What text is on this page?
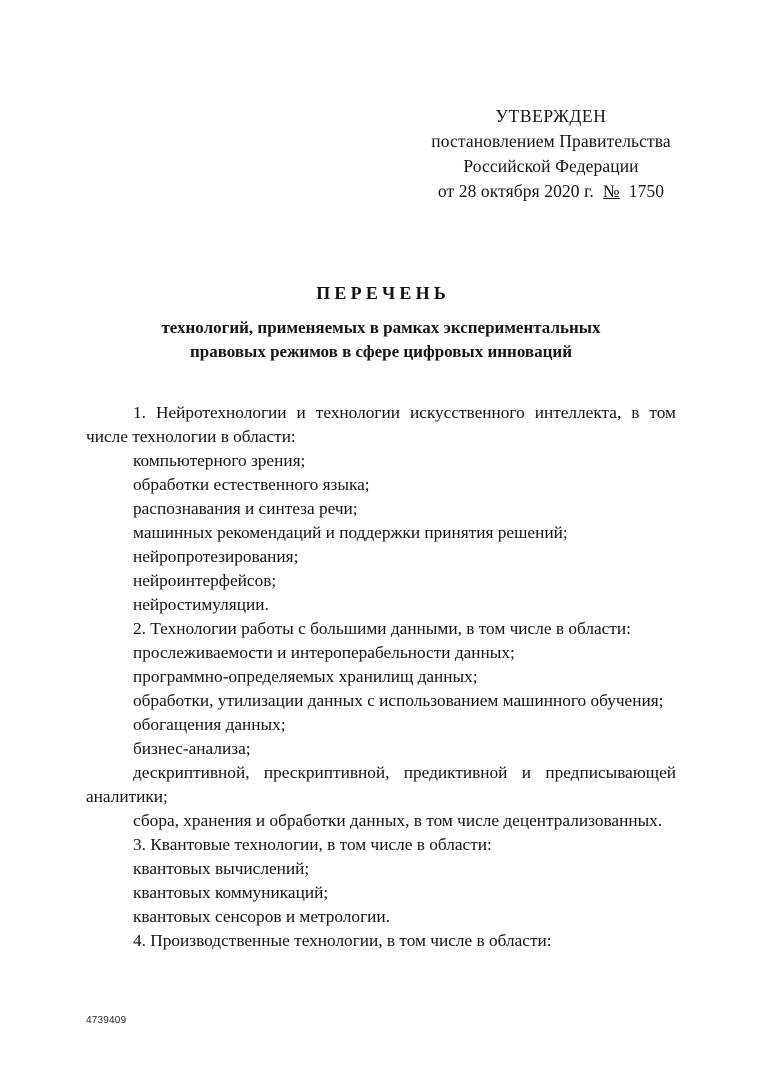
УТВЕРЖДЕН
постановлением Правительства
Российской Федерации
от 28 октября 2020 г. № 1750
ПЕРЕЧЕНЬ
технологий, применяемых в рамках экспериментальных
правовых режимов в сфере цифровых инноваций

1. Нейротехнологии и технологии искусственного интеллекта, в том числе технологии в области:

компьютерного зрения;

обработки естественного языка;

распознавания и синтеза речи;

машинных рекомендаций и поддержки принятия решений;

нейропротезирования;

нейроинтерфейсов;

нейростимуляции.

2. Технологии работы с большими данными, в том числе в области:

прослеживаемости и интероперабельности данных;

программно-определяемых хранилищ данных;

обработки, утилизации данных с использованием машинного обучения;

обогащения данных;

бизнес-анализа;

дескриптивной, прескриптивной, предиктивной и предписывающей аналитики;

сбора, хранения и обработки данных, в том числе децентрализованных.

3. Квантовые технологии, в том числе в области:

квантовых вычислений;

квантовых коммуникаций;

квантовых сенсоров и метрологии.

4. Производственные технологии, в том числе в области:

4739409
